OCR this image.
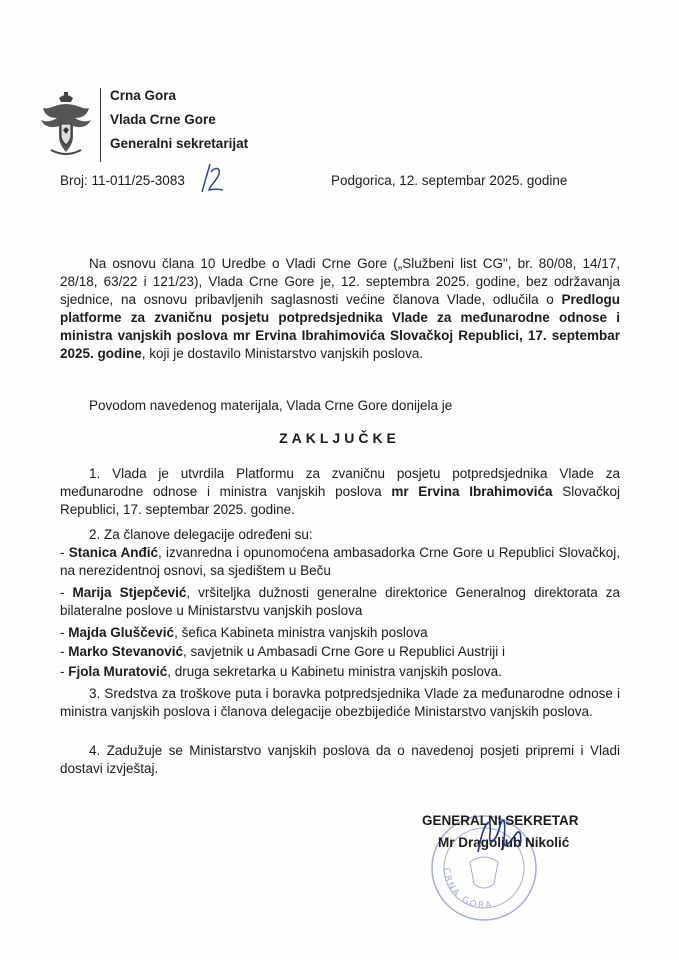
Crna Gora
Vlada Crne Gore
Generalni sekretarijat
Broj: 11-011/25-3083	Podgorica, 12. septembar 2025. godine
Na osnovu člana 10 Uredbe o Vladi Crne Gore („Službeni list CG", br. 80/08, 14/17, 28/18, 63/22 i 121/23), Vlada Crne Gore je, 12. septembra 2025. godine, bez održavanja sjednice, na osnovu pribavljenih saglasnosti većine članova Vlade, odlučila o Predlogu platforme za zvaničnu posjetu potpredsjednika Vlade za međunarodne odnose i ministra vanjskih poslova mr Ervina Ibrahimovića Slovačkoj Republici, 17. septembar 2025. godine, koji je dostavilo Ministarstvo vanjskih poslova.
Povodom navedenog materijala, Vlada Crne Gore donijela je
ZAKLJUČKE
1. Vlada je utvrdila Platformu za zvaničnu posjetu potpredsjednika Vlade za međunarodne odnose i ministra vanjskih poslova mr Ervina Ibrahimovića Slovačkoj Republici, 17. septembar 2025. godine.
2. Za članove delegacije određeni su:
- Stanica Anđić, izvanredna i opunomoćena ambasadorka Crne Gore u Republici Slovačkoj, na nerezidentnoj osnovi, sa sjedištem u Beču
- Marija Stjepčević, vršiteljka dužnosti generalne direktorice Generalnog direktorata za bilateralne poslove u Ministarstvu vanjskih poslova
- Majda Gluščević, šefica Kabineta ministra vanjskih poslova
- Marko Stevanović, savjetnik u Ambasadi Crne Gore u Republici Austriji i
- Fjola Muratović, druga sekretarka u Kabinetu ministra vanjskih poslova.
3. Sredstva za troškove puta i boravka potpredsjednika Vlade za međunarodne odnose i ministra vanjskih poslova i članova delegacije obezbijediće Ministarstvo vanjskih poslova.
4. Zadužuje se Ministarstvo vanjskih poslova da o navedenoj posjeti pripremi i Vladi dostavi izvještaj.
CRNA GORA
GENERALNI SEKRETAR
Mr Dragoljub Nikolić
